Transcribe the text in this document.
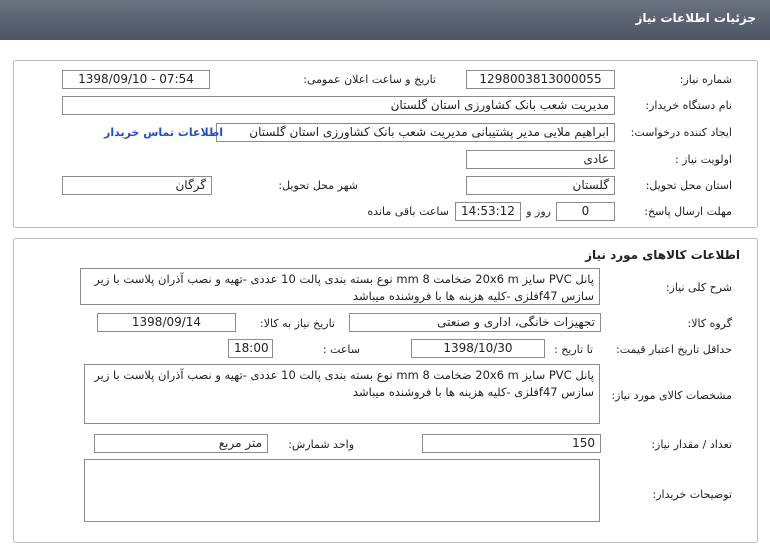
جزئیات اطلاعات نیاز
شماره نیاز:
1298003813000055
تاریخ و ساعت اعلان عمومی:
1398/09/10 - 07:54
نام دستگاه خریدار:
مدیریت شعب بانک کشاورزی استان گلستان
ایجاد کننده درخواست:
ابراهیم ملایی مدیر پشتیبانی مدیریت شعب بانک کشاورزی استان گلستان
اطلاعات تماس خریدار
اولویت نیاز :
عادی
استان محل تحویل:
گلستان
شهر محل تحویل:
گرگان
مهلت ارسال پاسخ:
0
روز و
14:53:12
ساعت باقی مانده
اطلاعات کالاهای مورد نیاز
شرح کلی نیاز:
پانل PVC سایز 20x6 m ضخامت mm 8 نوع بسته بندی پالت 10 عددی -تهیه و نصب آذران پلاست با زیر سازس f47فلزی -کلیه هزینه ها با فروشنده میباشد
گروه کالا:
تجهیزات خانگی، اداری و صنعتی
تاریخ نیاز به کالا:
1398/09/14
حداقل تاریخ اعتبار قیمت:
تا تاریخ :
1398/10/30
ساعت :
18:00
مشخصات کالای مورد نیاز:
پانل PVC سایز 20x6 m ضخامت mm 8 نوع بسته بندی پالت 10 عددی -تهیه و نصب آذران پلاست با زیر سازس f47فلزی -کلیه هزینه ها با فروشنده میباشد
تعداد / مقدار نیاز:
150
واحد شمارش:
متر مربع
توضیحات خریدار:
